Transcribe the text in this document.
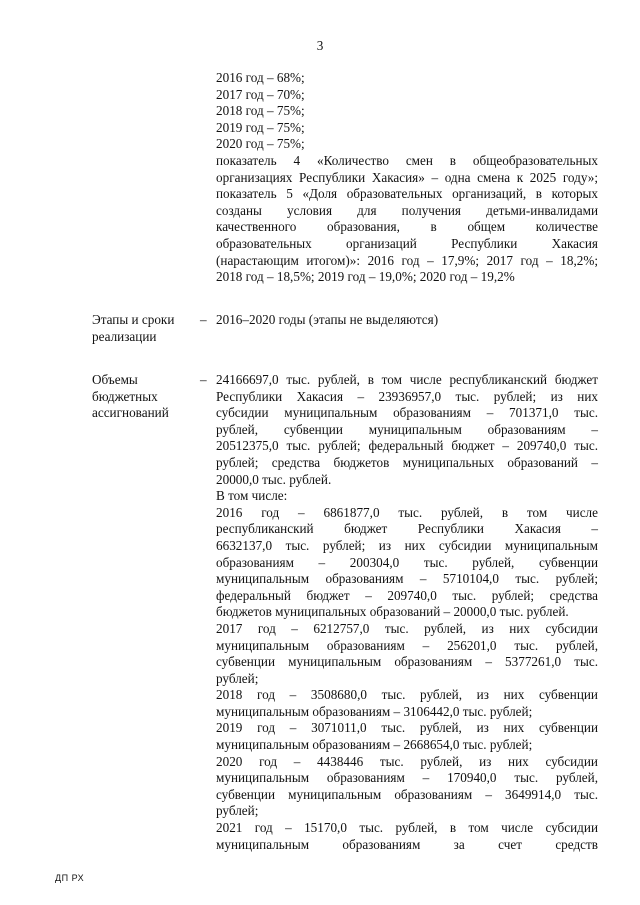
3
2016 год – 68%;
2017 год – 70%;
2018 год – 75%;
2019 год – 75%;
2020 год – 75%;
показатель 4 «Количество смен в общеобразовательных
организациях Республики Хакасия» – одна смена к 2025 году»;
показатель 5 «Доля образовательных организаций, в которых
созданы условия для получения детьми-инвалидами
качественного образования, в общем количестве
образовательных организаций Республики Хакасия
(нарастающим итогом)»: 2016 год – 17,9%; 2017 год – 18,2%;
2018 год – 18,5%; 2019 год – 19,0%; 2020 год – 19,2%
Этапы и сроки
реализации
– 2016–2020 годы (этапы не выделяются)
Объемы
бюджетных
ассигнований
– 24166697,0 тыс. рублей, в том числе республиканский бюджет
Республики Хакасия – 23936957,0 тыс. рублей; из них
субсидии муниципальным образованиям – 701371,0 тыс.
рублей, субвенции муниципальным образованиям –
20512375,0 тыс. рублей; федеральный бюджет – 209740,0 тыс.
рублей; средства бюджетов муниципальных образований –
20000,0 тыс. рублей.
В том числе:
2016 год – 6861877,0 тыс. рублей, в том числе
республиканский бюджет Республики Хакасия –
6632137,0 тыс. рублей; из них субсидии муниципальным
образованиям – 200304,0 тыс. рублей, субвенции
муниципальным образованиям – 5710104,0 тыс. рублей;
федеральный бюджет – 209740,0 тыс. рублей; средства
бюджетов муниципальных образований – 20000,0 тыс. рублей.
2017 год – 6212757,0 тыс. рублей, из них субсидии
муниципальным образованиям – 256201,0 тыс. рублей,
субвенции муниципальным образованиям – 5377261,0 тыс.
рублей;
2018 год – 3508680,0 тыс. рублей, из них субвенции
муниципальным образованиям – 3106442,0 тыс. рублей;
2019 год – 3071011,0 тыс. рублей, из них субвенции
муниципальным образованиям – 2668654,0 тыс. рублей;
2020 год – 4438446 тыс. рублей, из них субсидии
муниципальным образованиям – 170940,0 тыс. рублей,
субвенции муниципальным образованиям – 3649914,0 тыс.
рублей;
2021 год – 15170,0 тыс. рублей, в том числе субсидии
муниципальным образованиям за счет средств
ДП РХ
